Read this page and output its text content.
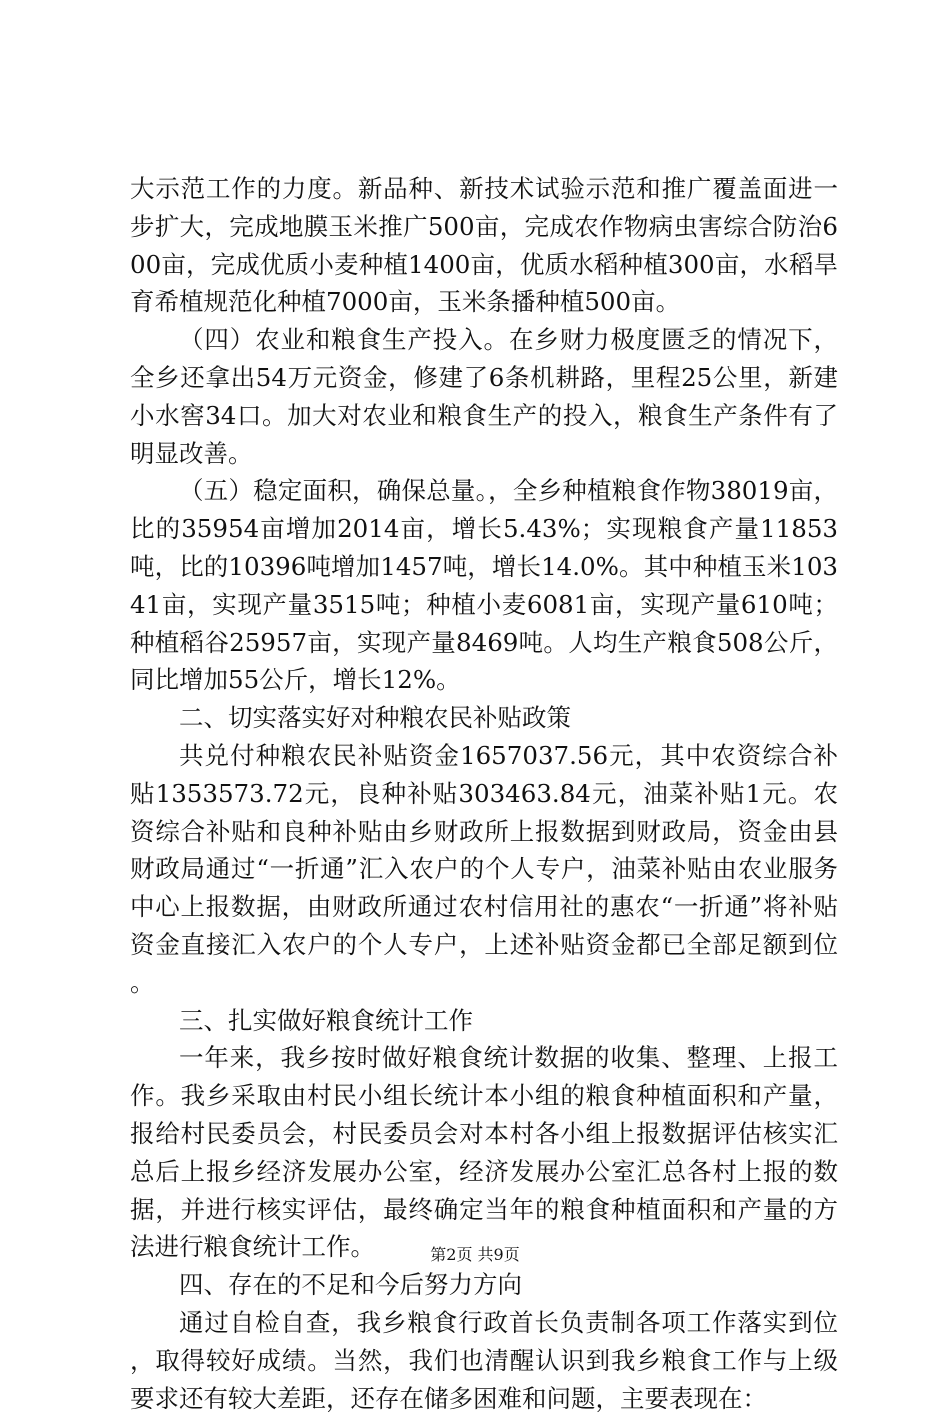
大示范工作的力度。新品种、新技术试验示范和推广覆盖面进一步扩大，完成地膜玉米推广500亩，完成农作物病虫害综合防治600亩，完成优质小麦种植1400亩，优质水稻种植300亩，水稻旱育希植规范化种植7000亩，玉米条播种植500亩。

（四）农业和粮食生产投入。在乡财力极度匮乏的情况下，全乡还拿出54万元资金，修建了6条机耕路，里程25公里，新建小水窖34口。加大对农业和粮食生产的投入，粮食生产条件有了明显改善。

（五）稳定面积，确保总量。，全乡种植粮食作物38019亩，比的35954亩增加2014亩，增长5.43%；实现粮食产量11853吨，比的10396吨增加1457吨，增长14.0%。其中种植玉米10341亩，实现产量3515吨；种植小麦6081亩，实现产量610吨；种植稻谷25957亩，实现产量8469吨。人均生产粮食508公斤，同比增加55公斤，增长12%。

二、切实落实好对种粮农民补贴政策

共兑付种粮农民补贴资金1657037.56元，其中农资综合补贴1353573.72元，良种补贴303463.84元，油菜补贴1元。农资综合补贴和良种补贴由乡财政所上报数据到财政局，资金由县财政局通过“一折通”汇入农户的个人专户，油菜补贴由农业服务中心上报数据，由财政所通过农村信用社的惠农“一折通”将补贴资金直接汇入农户的个人专户，上述补贴资金都已全部足额到位。

三、扎实做好粮食统计工作

一年来，我乡按时做好粮食统计数据的收集、整理、上报工作。我乡采取由村民小组长统计本小组的粮食种植面积和产量，报给村民委员会，村民委员会对本村各小组上报数据评估核实汇总后上报乡经济发展办公室，经济发展办公室汇总各村上报的数据，并进行核实评估，最终确定当年的粮食种植面积和产量的方法进行粮食统计工作。

四、存在的不足和今后努力方向

通过自检自查，我乡粮食行政首长负责制各项工作落实到位，取得较好成绩。当然，我们也清醒认识到我乡粮食工作与上级要求还有较大差距，还存在储多困难和问题，主要表现在：

第2页 共9页
